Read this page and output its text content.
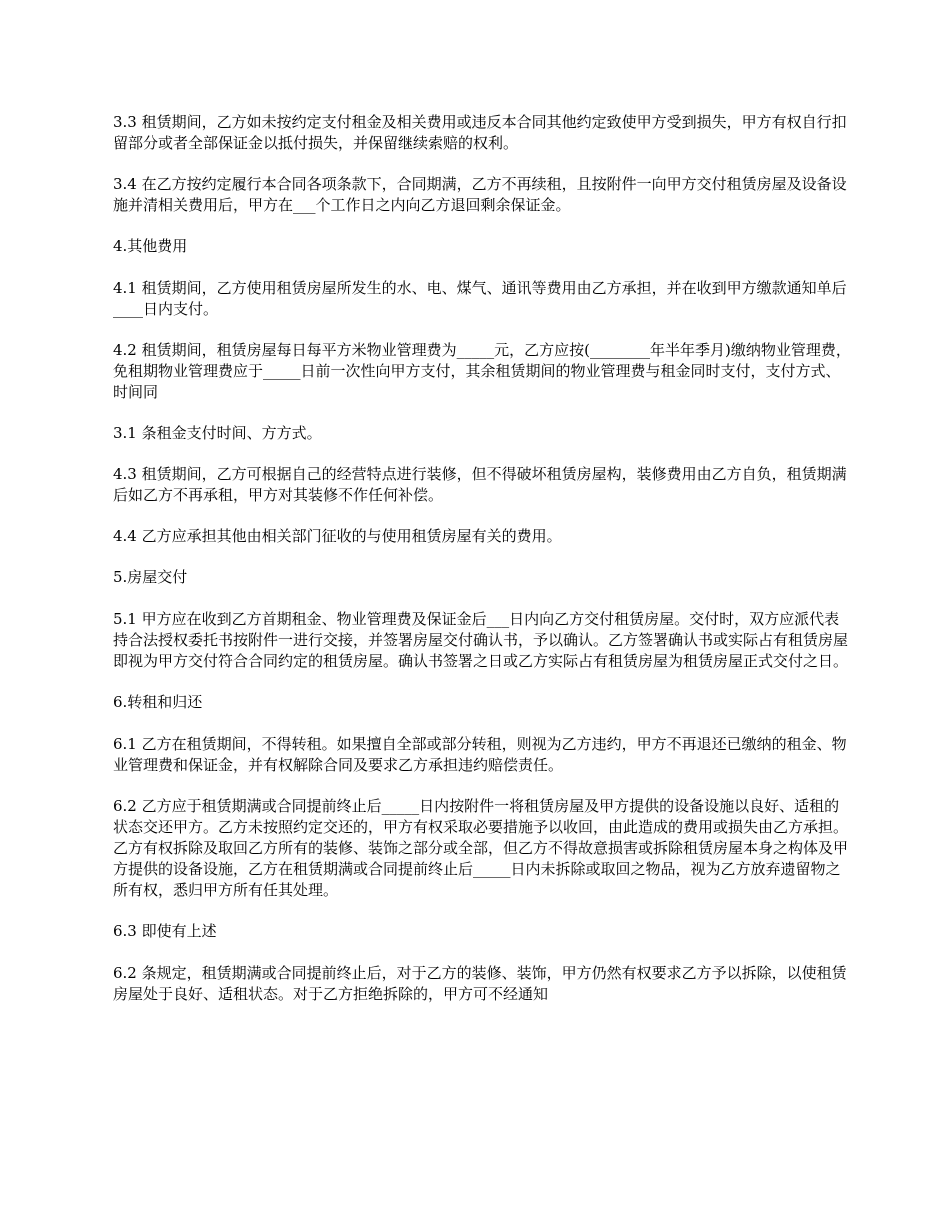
3.3 租赁期间，乙方如未按约定支付租金及相关费用或违反本合同其他约定致使甲方受到损失，甲方有权自行扣留部分或者全部保证金以抵付损失，并保留继续索赔的权利。

3.4 在乙方按约定履行本合同各项条款下，合同期满，乙方不再续租，且按附件一向甲方交付租赁房屋及设备设施并清相关费用后，甲方在___个工作日之内向乙方退回剩余保证金。

4.其他费用

4.1 租赁期间，乙方使用租赁房屋所发生的水、电、煤气、通讯等费用由乙方承担，并在收到甲方缴款通知单后____日内支付。

4.2 租赁期间，租赁房屋每日每平方米物业管理费为_____元，乙方应按(________年半年季月)缴纳物业管理费，免租期物业管理费应于_____日前一次性向甲方支付，其余租赁期间的物业管理费与租金同时支付，支付方式、时间同

3.1 条租金支付时间、方方式。

4.3 租赁期间，乙方可根据自己的经营特点进行装修，但不得破坏租赁房屋构，装修费用由乙方自负，租赁期满后如乙方不再承租，甲方对其装修不作任何补偿。

4.4 乙方应承担其他由相关部门征收的与使用租赁房屋有关的费用。

5.房屋交付

5.1 甲方应在收到乙方首期租金、物业管理费及保证金后___日内向乙方交付租赁房屋。交付时，双方应派代表持合法授权委托书按附件一进行交接，并签署房屋交付确认书，予以确认。乙方签署确认书或实际占有租赁房屋即视为甲方交付符合合同约定的租赁房屋。确认书签署之日或乙方实际占有租赁房屋为租赁房屋正式交付之日。

6.转租和归还

6.1 乙方在租赁期间，不得转租。如果擅自全部或部分转租，则视为乙方违约，甲方不再退还已缴纳的租金、物业管理费和保证金，并有权解除合同及要求乙方承担违约赔偿责任。

6.2 乙方应于租赁期满或合同提前终止后_____日内按附件一将租赁房屋及甲方提供的设备设施以良好、适租的状态交还甲方。乙方未按照约定交还的，甲方有权采取必要措施予以收回，由此造成的费用或损失由乙方承担。乙方有权拆除及取回乙方所有的装修、装饰之部分或全部，但乙方不得故意损害或拆除租赁房屋本身之构体及甲方提供的设备设施，乙方在租赁期满或合同提前终止后_____日内未拆除或取回之物品，视为乙方放弃遗留物之所有权，悉归甲方所有任其处理。

6.3 即使有上述

6.2 条规定，租赁期满或合同提前终止后，对于乙方的装修、装饰，甲方仍然有权要求乙方予以拆除，以使租赁房屋处于良好、适租状态。对于乙方拒绝拆除的，甲方可不经通知
